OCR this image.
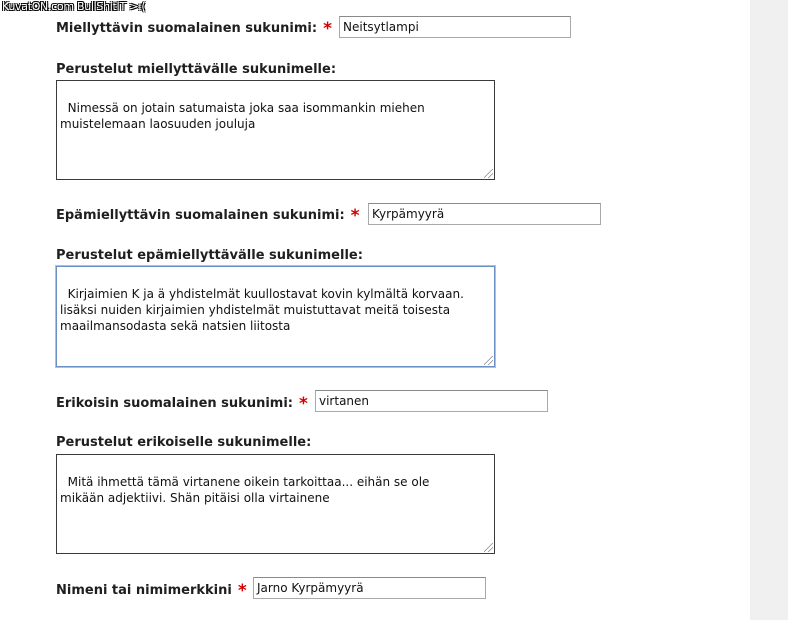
KuvatON.com BullShitIT >:(
Miellyttävin suomalainen sukunimi: * Neitsytlampi
Perustelut miellyttävälle sukunimelle:

Nimessä on jotain satumaista joka saa isommankin miehen
muistelemaan laosuuden jouluja

Epämiellyttävin suomalainen sukunimi: *	Kyrpämyyrä
Perustelut epämiellyttävälle sukunimelle:

Kirjaimien K ja ä yhdistelmät kuullostavat kovin kylmältä korvaan.
lisäksi nuiden kirjaimien yhdistelmät muistuttavat meitä toisesta
maailmansodasta sekä natsien liitosta

Erikoisin suomalainen sukunimi: * virtanen
Perustelut erikoiselle sukunimelle:

Mitä ihmettä tämä virtanene oikein tarkoittaa... eihän se ole
mikään adjektiivi. Shän pitäisi olla virtainene

Nimeni tai nimimerkkini * Jarno Kyrpämyyrä
